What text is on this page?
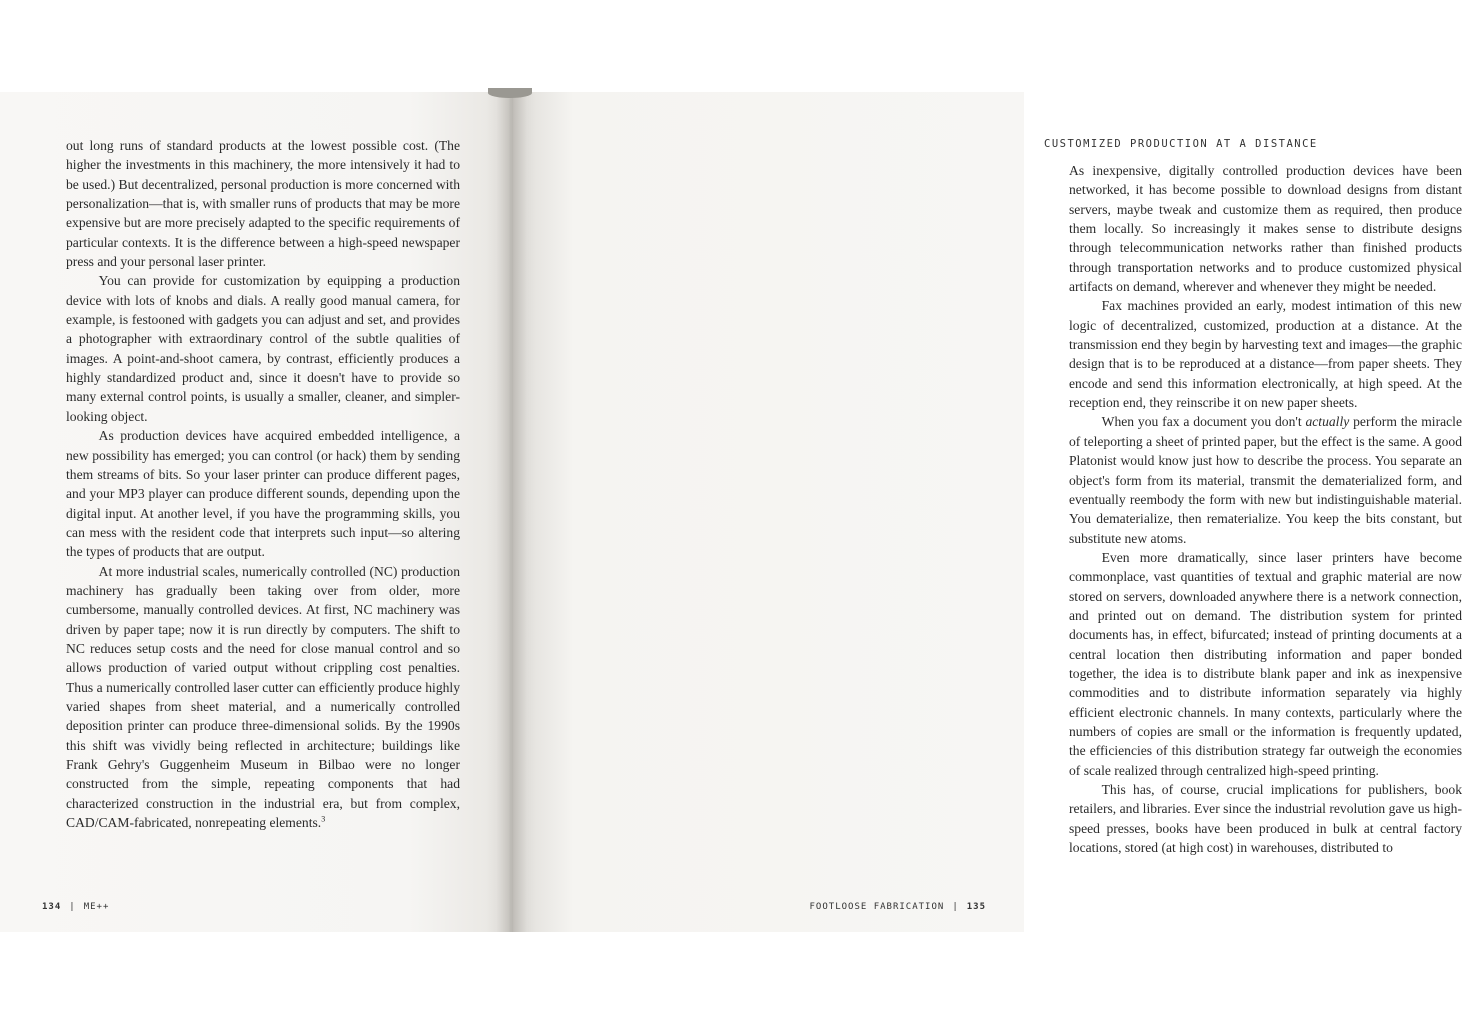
out long runs of standard products at the lowest possible cost. (The higher the investments in this machinery, the more intensively it had to be used.) But decentralized, personal production is more concerned with personalization—that is, with smaller runs of products that may be more expensive but are more precisely adapted to the specific requirements of particular contexts. It is the difference between a high-speed newspaper press and your personal laser printer.

You can provide for customization by equipping a production device with lots of knobs and dials. A really good manual camera, for example, is festooned with gadgets you can adjust and set, and provides a photographer with extraordinary control of the subtle qualities of images. A point-and-shoot camera, by contrast, efficiently produces a highly standardized product and, since it doesn't have to provide so many external control points, is usually a smaller, cleaner, and simpler-looking object.

As production devices have acquired embedded intelligence, a new possibility has emerged; you can control (or hack) them by sending them streams of bits. So your laser printer can produce different pages, and your MP3 player can produce different sounds, depending upon the digital input. At another level, if you have the programming skills, you can mess with the resident code that interprets such input—so altering the types of products that are output.

At more industrial scales, numerically controlled (NC) production machinery has gradually been taking over from older, more cumbersome, manually controlled devices. At first, NC machinery was driven by paper tape; now it is run directly by computers. The shift to NC reduces setup costs and the need for close manual control and so allows production of varied output without crippling cost penalties. Thus a numerically controlled laser cutter can efficiently produce highly varied shapes from sheet material, and a numerically controlled deposition printer can produce three-dimensional solids. By the 1990s this shift was vividly being reflected in architecture; buildings like Frank Gehry's Guggenheim Museum in Bilbao were no longer constructed from the simple, repeating components that had characterized construction in the industrial era, but from complex, CAD/CAM-fabricated, nonrepeating elements.$^3$

134 | ME++
CUSTOMIZED PRODUCTION AT A DISTANCE

As inexpensive, digitally controlled production devices have been networked, it has become possible to download designs from distant servers, maybe tweak and customize them as required, then produce them locally. So increasingly it makes sense to distribute designs through telecommunication networks rather than finished products through transportation networks and to produce customized physical artifacts on demand, wherever and whenever they might be needed.

Fax machines provided an early, modest intimation of this new logic of decentralized, customized, production at a distance. At the transmission end they begin by harvesting text and images—the graphic design that is to be reproduced at a distance—from paper sheets. They encode and send this information electronically, at high speed. At the reception end, they reinscribe it on new paper sheets.

When you fax a document you don't actually perform the miracle of teleporting a sheet of printed paper, but the effect is the same. A good Platonist would know just how to describe the process. You separate an object's form from its material, transmit the dematerialized form, and eventually reembody the form with new but indistinguishable material. You dematerialize, then rematerialize. You keep the bits constant, but substitute new atoms.

Even more dramatically, since laser printers have become commonplace, vast quantities of textual and graphic material are now stored on servers, downloaded anywhere there is a network connection, and printed out on demand. The distribution system for printed documents has, in effect, bifurcated; instead of printing documents at a central location then distributing information and paper bonded together, the idea is to distribute blank paper and ink as inexpensive commodities and to distribute information separately via highly efficient electronic channels. In many contexts, particularly where the numbers of copies are small or the information is frequently updated, the efficiencies of this distribution strategy far outweigh the economies of scale realized through centralized high-speed printing.

This has, of course, crucial implications for publishers, book retailers, and libraries. Ever since the industrial revolution gave us high-speed presses, books have been produced in bulk at central factory locations, stored (at high cost) in warehouses, distributed to

FOOTLOOSE FABRICATION | 135
